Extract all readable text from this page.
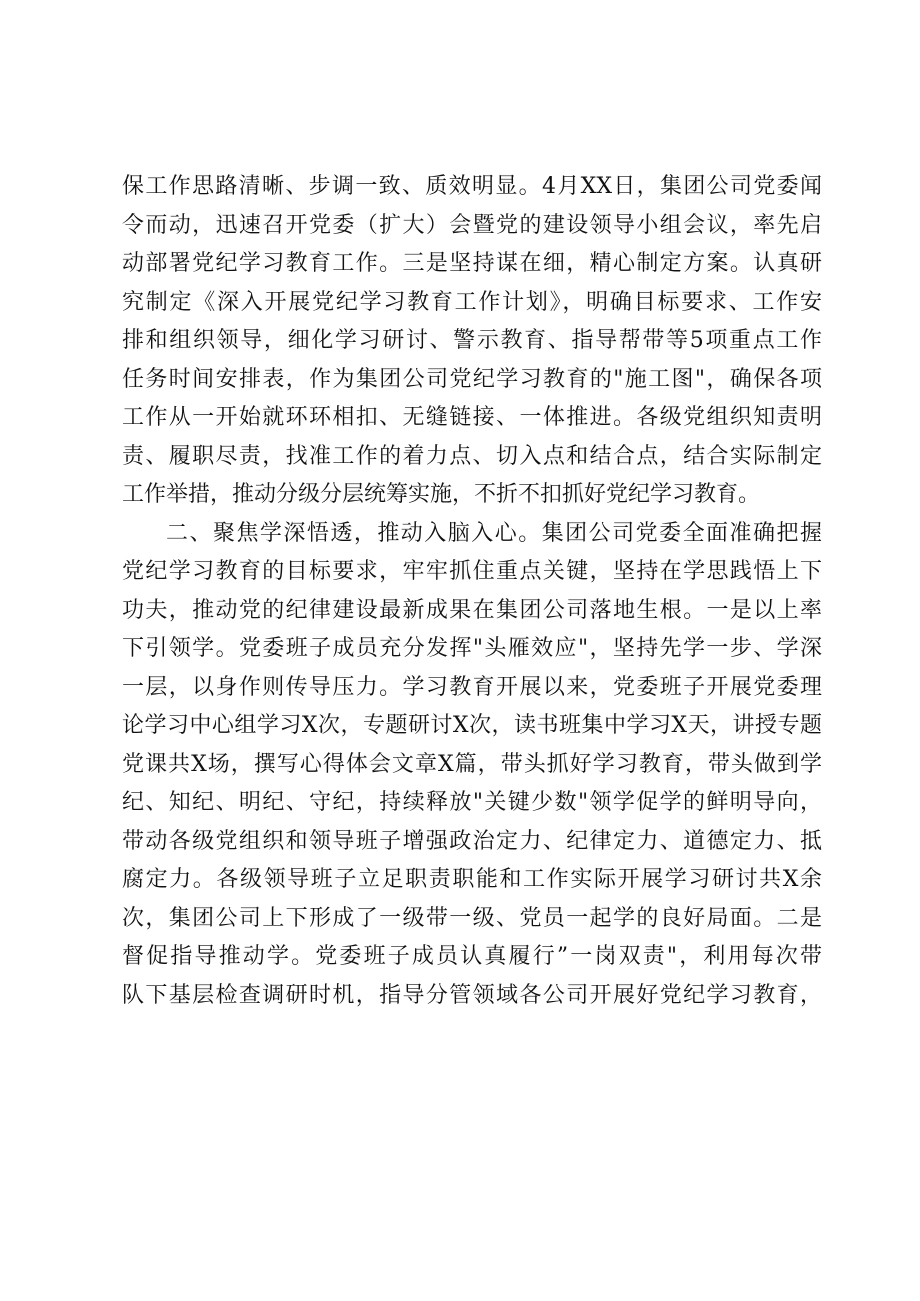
保工作思路清晰、步调一致、质效明显。4月XX日，集团公司党委闻
令而动，迅速召开党委（扩大）会暨党的建设领导小组会议，率先启
动部署党纪学习教育工作。三是坚持谋在细，精心制定方案。认真研
究制定《深入开展党纪学习教育工作计划》，明确目标要求、工作安
排和组织领导，细化学习研讨、警示教育、指导帮带等5项重点工作
任务时间安排表，作为集团公司党纪学习教育的"施工图"，确保各项
工作从一开始就环环相扣、无缝链接、一体推进。各级党组织知责明
责、履职尽责，找准工作的着力点、切入点和结合点，结合实际制定
工作举措，推动分级分层统筹实施，不折不扣抓好党纪学习教育。
二、聚焦学深悟透，推动入脑入心。集团公司党委全面准确把握
党纪学习教育的目标要求，牢牢抓住重点关键，坚持在学思践悟上下
功夫，推动党的纪律建设最新成果在集团公司落地生根。一是以上率
下引领学。党委班子成员充分发挥"头雁效应"，坚持先学一步、学深
一层，以身作则传导压力。学习教育开展以来，党委班子开展党委理
论学习中心组学习X次，专题研讨X次，读书班集中学习X天，讲授专题
党课共X场，撰写心得体会文章X篇，带头抓好学习教育，带头做到学
纪、知纪、明纪、守纪，持续释放"关键少数"领学促学的鲜明导向，
带动各级党组织和领导班子增强政治定力、纪律定力、道德定力、抵
腐定力。各级领导班子立足职责职能和工作实际开展学习研讨共X余
次，集团公司上下形成了一级带一级、党员一起学的良好局面。二是
督促指导推动学。党委班子成员认真履行”一岗双责"，利用每次带
队下基层检查调研时机，指导分管领域各公司开展好党纪学习教育，
